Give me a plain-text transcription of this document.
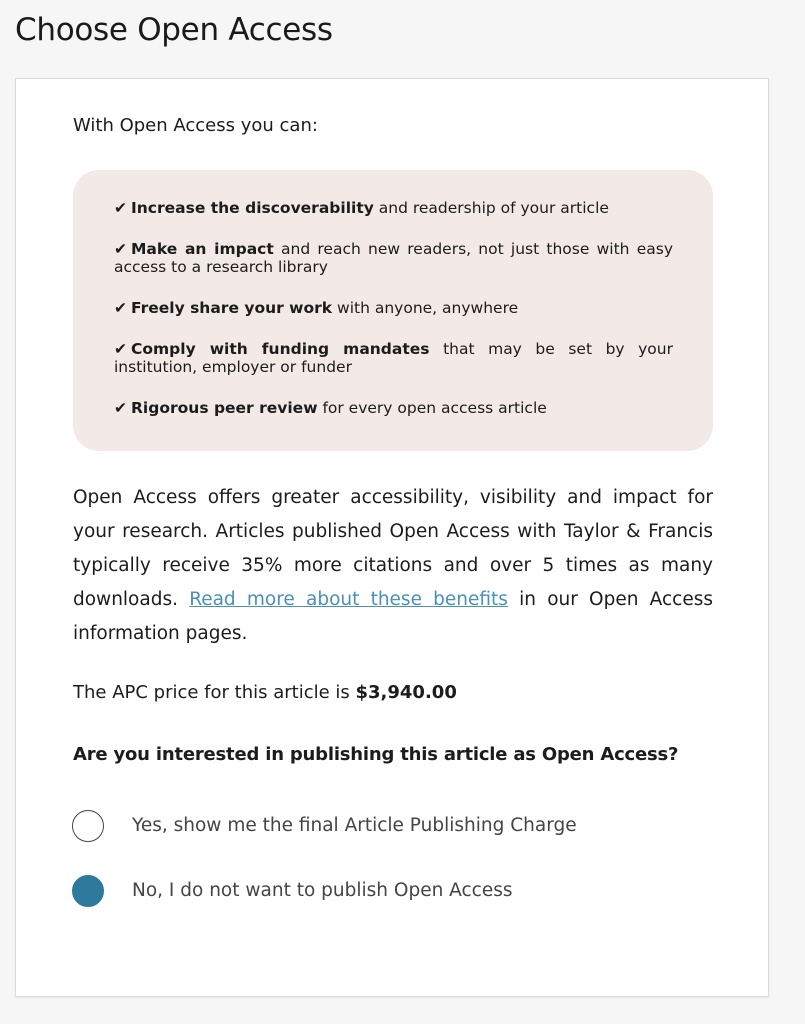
Choose Open Access

With Open Access you can:

✔ Increase the discoverability and readership of your article
✔ Make an impact and reach new readers, not just those with easy access to a research library
✔ Freely share your work with anyone, anywhere
✔ Comply with funding mandates that may be set by your institution, employer or funder
✔ Rigorous peer review for every open access article

Open Access offers greater accessibility, visibility and impact for your research. Articles published Open Access with Taylor & Francis typically receive 35% more citations and over 5 times as many downloads. Read more about these benefits in our Open Access information pages.

The APC price for this article is $3,940.00

Are you interested in publishing this article as Open Access?

Yes, show me the final Article Publishing Charge
No, I do not want to publish Open Access
